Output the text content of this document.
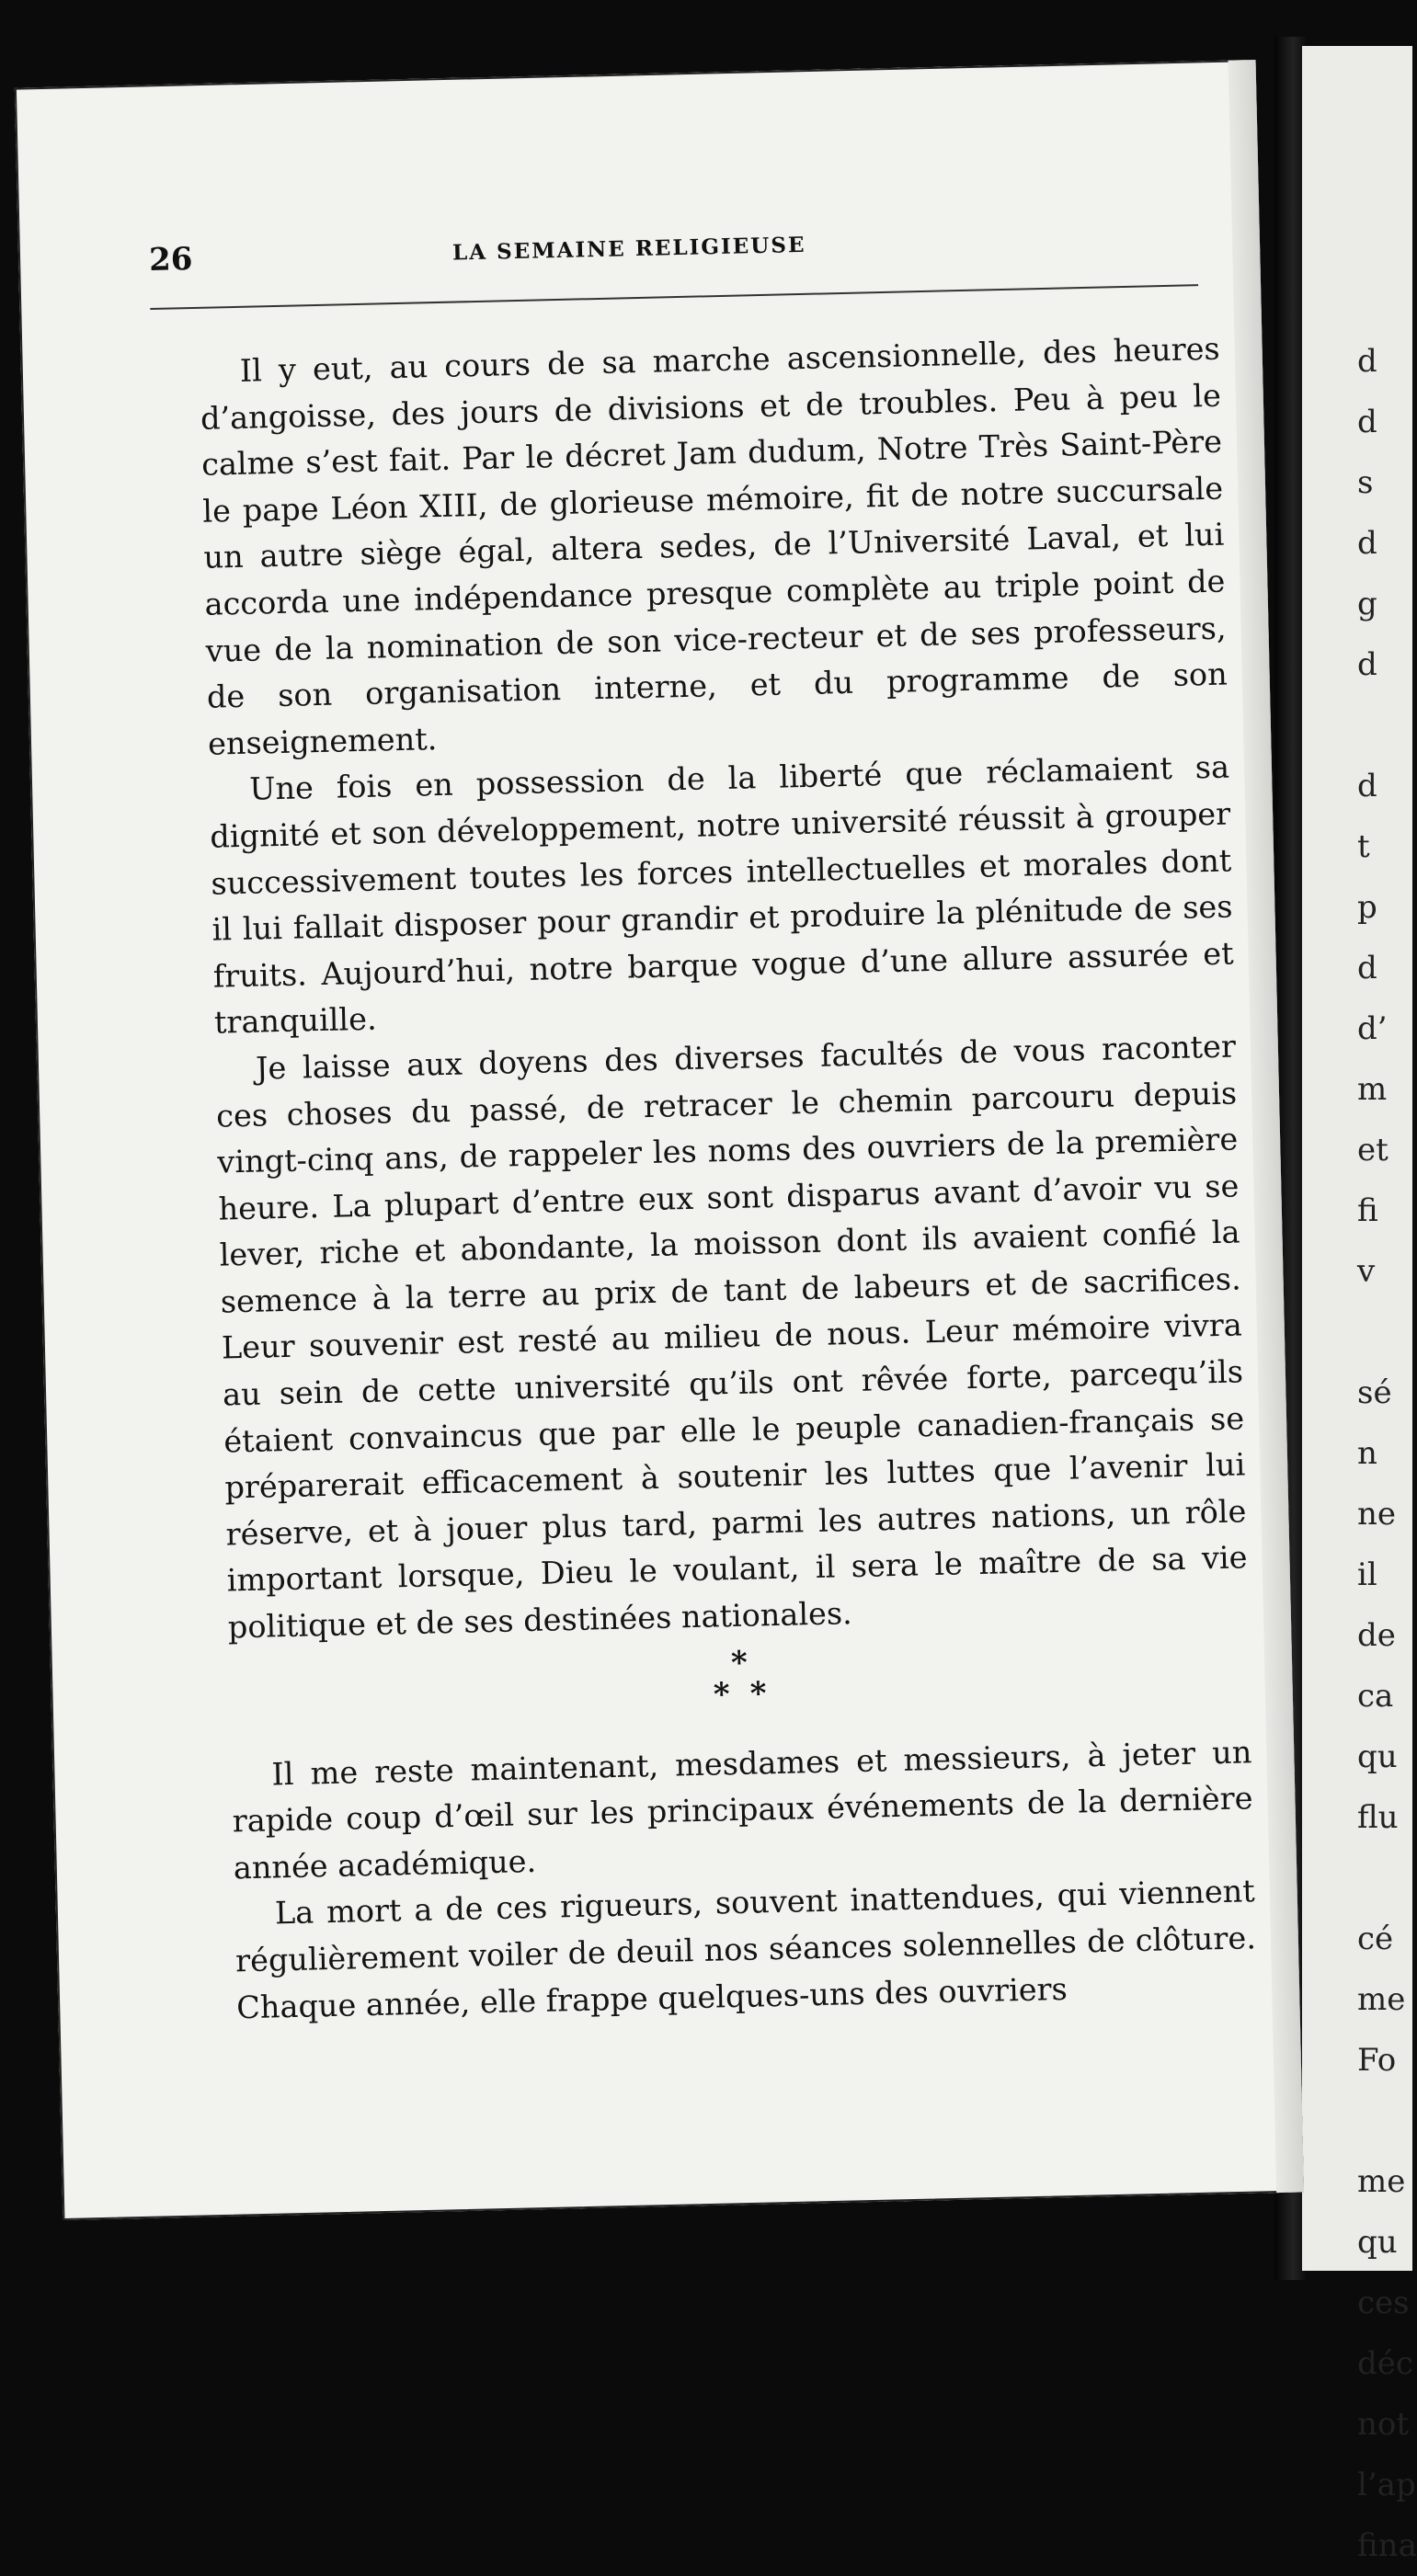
26	LA SEMAINE RELIGIEUSE

Il y eut, au cours de sa marche ascensionnelle, des heures d’angoisse, des jours de divisions et de troubles. Peu à peu le calme s’est fait. Par le décret Jam dudum, Notre Très Saint-Père le pape Léon XIII, de glorieuse mémoire, fit de notre succursale un autre siège égal, altera sedes, de l’Université Laval, et lui accorda une indépendance presque complète au triple point de vue de la nomination de son vice-recteur et de ses professeurs, de son organisation interne, et du programme de son enseignement.

Une fois en possession de la liberté que réclamaient sa dignité et son développement, notre université réussit à grouper successivement toutes les forces intellectuelles et morales dont il lui fallait disposer pour grandir et produire la plénitude de ses fruits. Aujourd’hui, notre barque vogue d’une allure assurée et tranquille.

Je laisse aux doyens des diverses facultés de vous raconter ces choses du passé, de retracer le chemin parcouru depuis vingt-cinq ans, de rappeler les noms des ouvriers de la première heure. La plupart d’entre eux sont disparus avant d’avoir vu se lever, riche et abondante, la moisson dont ils avaient confié la semence à la terre au prix de tant de labeurs et de sacrifices. Leur souvenir est resté au milieu de nous. Leur mémoire vivra au sein de cette université qu’ils ont rêvée forte, parcequ’ils étaient convaincus que par elle le peuple canadien-français se préparerait efficacement à soutenir les luttes que l’avenir lui réserve, et à jouer plus tard, parmi les autres nations, un rôle important lorsque, Dieu le voulant, il sera le maître de sa vie politique et de ses destinées nationales.

*
**

Il me reste maintenant, mesdames et messieurs, à jeter un rapide coup d’œil sur les principaux événements de la dernière année académique.

La mort a de ces rigueurs, souvent inattendues, qui viennent régulièrement voiler de deuil nos séances solennelles de clôture. Chaque année, elle frappe quelques-uns des ouvriers

d
d
s
d
g
d
d
t
p
d
d’
m
et
fi
v
sé
n
ne
il
de
ca
qu
flu
cé
me
Fo
me
qu
ces
déc
not
l’ap
fina
